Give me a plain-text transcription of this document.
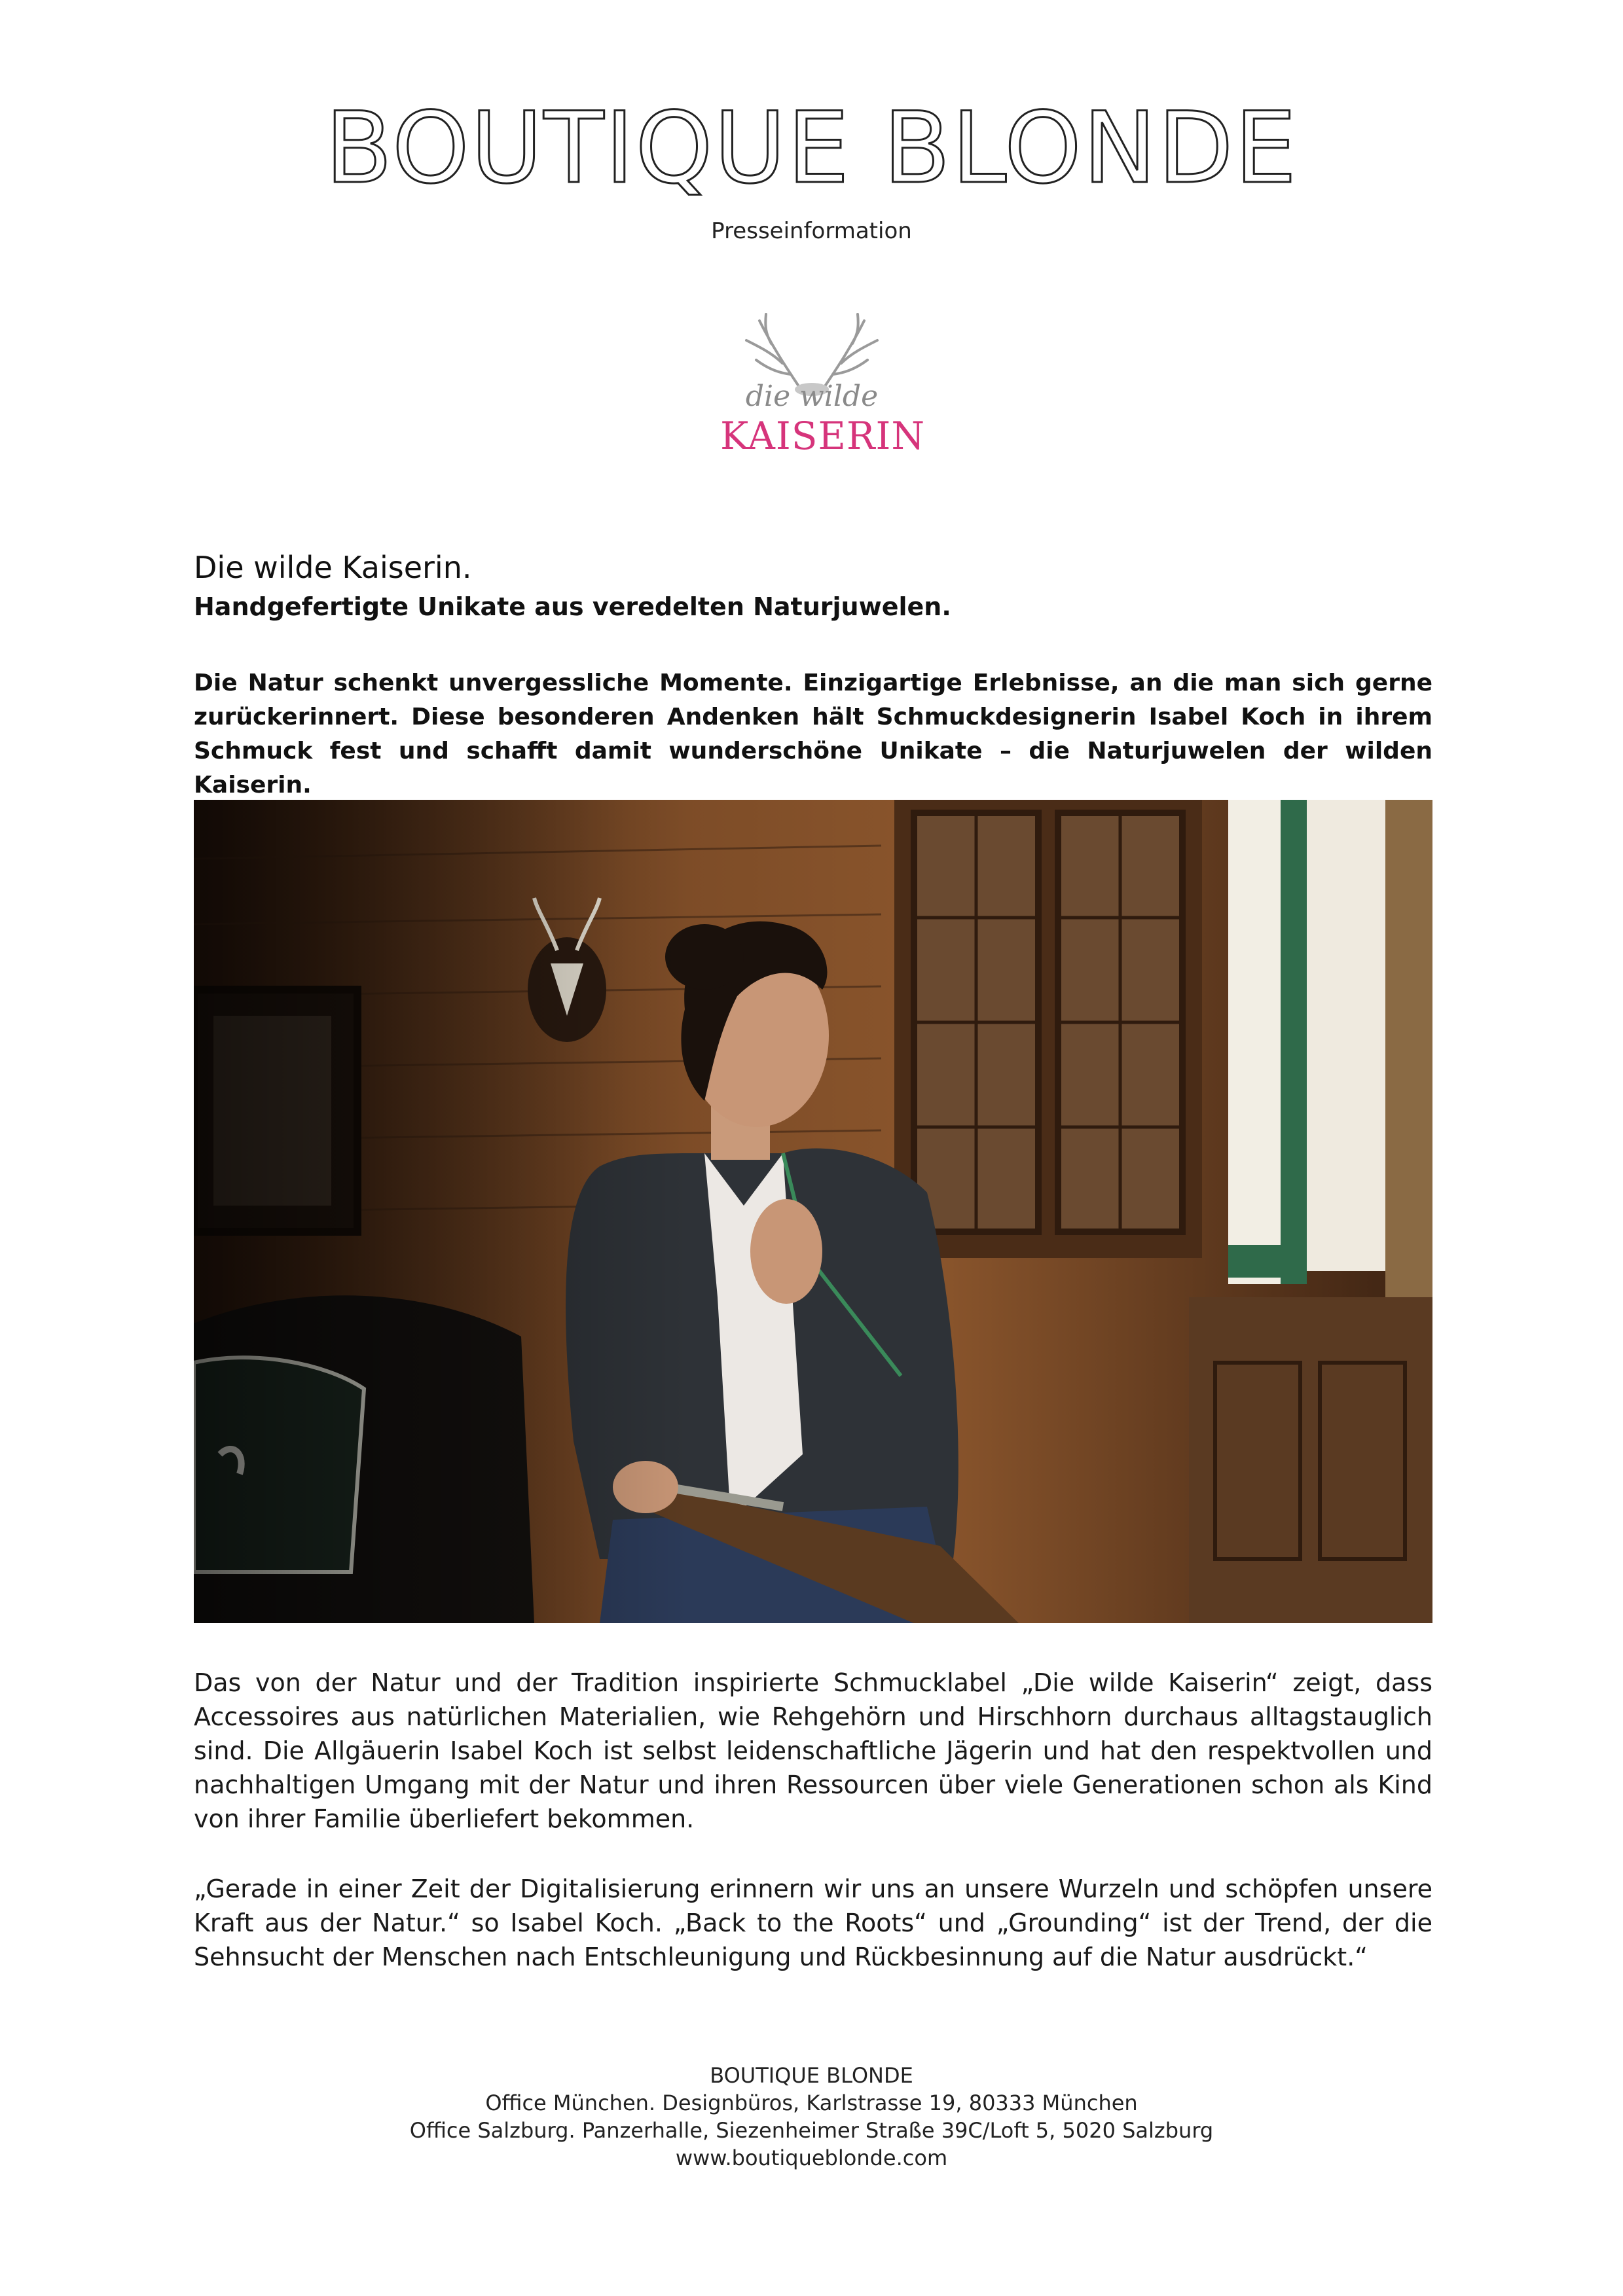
BOUTIQUE BLONDE
Presseinformation
die wilde
KAISERIN
Die wilde Kaiserin.
Handgefertigte Unikate aus veredelten Naturjuwelen.
Die Natur schenkt unvergessliche Momente. Einzigartige Erlebnisse, an die man sich gerne zurückerinnert. Diese besonderen Andenken hält Schmuckdesignerin Isabel Koch in ihrem Schmuck fest und schafft damit wunderschöne Unikate – die Naturjuwelen der wilden Kaiserin.
Das von der Natur und der Tradition inspirierte Schmucklabel „Die wilde Kaiserin“ zeigt, dass Accessoires aus natürlichen Materialien, wie Rehgehörn und Hirschhorn durchaus alltagstauglich sind. Die Allgäuerin Isabel Koch ist selbst leidenschaftliche Jägerin und hat den respektvollen und nachhaltigen Umgang mit der Natur und ihren Ressourcen über viele Generationen schon als Kind von ihrer Familie überliefert bekommen.
„Gerade in einer Zeit der Digitalisierung erinnern wir uns an unsere Wurzeln und schöpfen unsere Kraft aus der Natur.“ so Isabel Koch. „Back to the Roots“ und „Grounding“ ist der Trend, der die Sehnsucht der Menschen nach Entschleunigung und Rückbesinnung auf die Natur ausdrückt.“
BOUTIQUE BLONDE
Office München. Designbüros, Karlstrasse 19, 80333 München
Office Salzburg. Panzerhalle, Siezenheimer Straße 39C/Loft 5, 5020 Salzburg
www.boutiqueblonde.com
